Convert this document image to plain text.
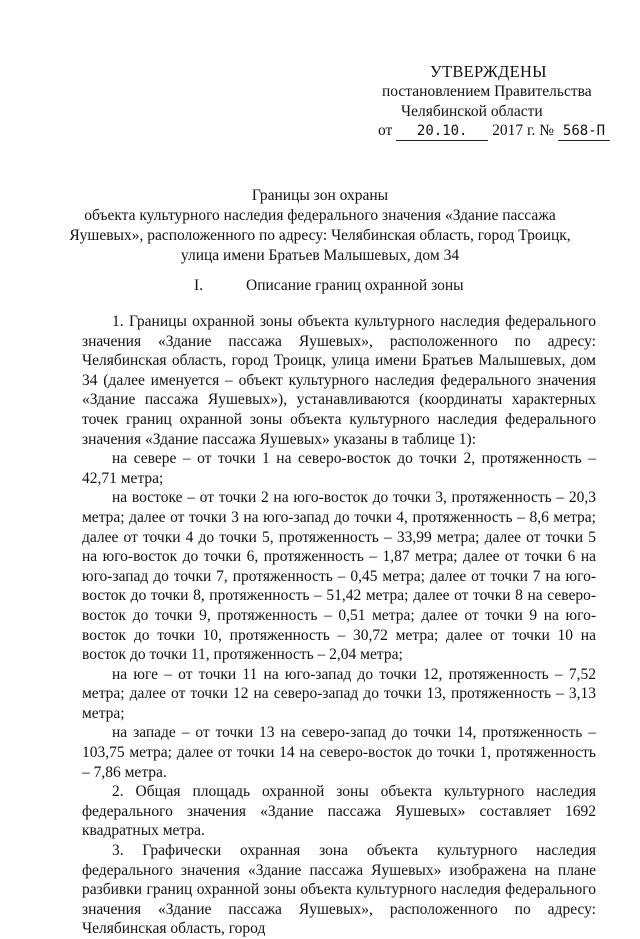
УТВЕРЖДЕНЫ
постановлением Правительства
Челябинской области
от 20.10. 2017 г. № 568-П
Границы зон охраны
объекта культурного наследия федерального значения «Здание пассажа
Яушевых», расположенного по адресу: Челябинская область, город Троицк,
улица имени Братьев Малышевых, дом 34
I.	Описание границ охранной зоны

1. Границы охранной зоны объекта культурного наследия федерального значения «Здание пассажа Яушевых», расположенного по адресу: Челябинская область, город Троицк, улица имени Братьев Малышевых, дом 34 (далее именуется – объект культурного наследия федерального значения «Здание пассажа Яушевых»), устанавливаются (координаты характерных точек границ охранной зоны объекта культурного наследия федерального значения «Здание пассажа Яушевых» указаны в таблице 1):

на севере – от точки 1 на северо-восток до точки 2, протяженность – 42,71 метра;

на востоке – от точки 2 на юго-восток до точки 3, протяженность – 20,3 метра; далее от точки 3 на юго-запад до точки 4, протяженность – 8,6 метра; далее от точки 4 до точки 5, протяженность – 33,99 метра; далее от точки 5 на юго-восток до точки 6, протяженность – 1,87 метра; далее от точки 6 на юго-запад до точки 7, протяженность – 0,45 метра; далее от точки 7 на юго-восток до точки 8, протяженность – 51,42 метра; далее от точки 8 на северо-восток до точки 9, протяженность – 0,51 метра; далее от точки 9 на юго-восток до точки 10, протяженность – 30,72 метра; далее от точки 10 на восток до точки 11, протяженность – 2,04 метра;

на юге – от точки 11 на юго-запад до точки 12, протяженность – 7,52 метра; далее от точки 12 на северо-запад до точки 13, протяженность – 3,13 метра;

на западе – от точки 13 на северо-запад до точки 14, протяженность – 103,75 метра; далее от точки 14 на северо-восток до точки 1, протяженность – 7,86 метра.

2. Общая площадь охранной зоны объекта культурного наследия федерального значения «Здание пассажа Яушевых» составляет 1692 квадратных метра.

3. Графически охранная зона объекта культурного наследия федерального значения «Здание пассажа Яушевых» изображена на плане разбивки границ охранной зоны объекта культурного наследия федерального значения «Здание пассажа Яушевых», расположенного по адресу: Челябинская область, город
